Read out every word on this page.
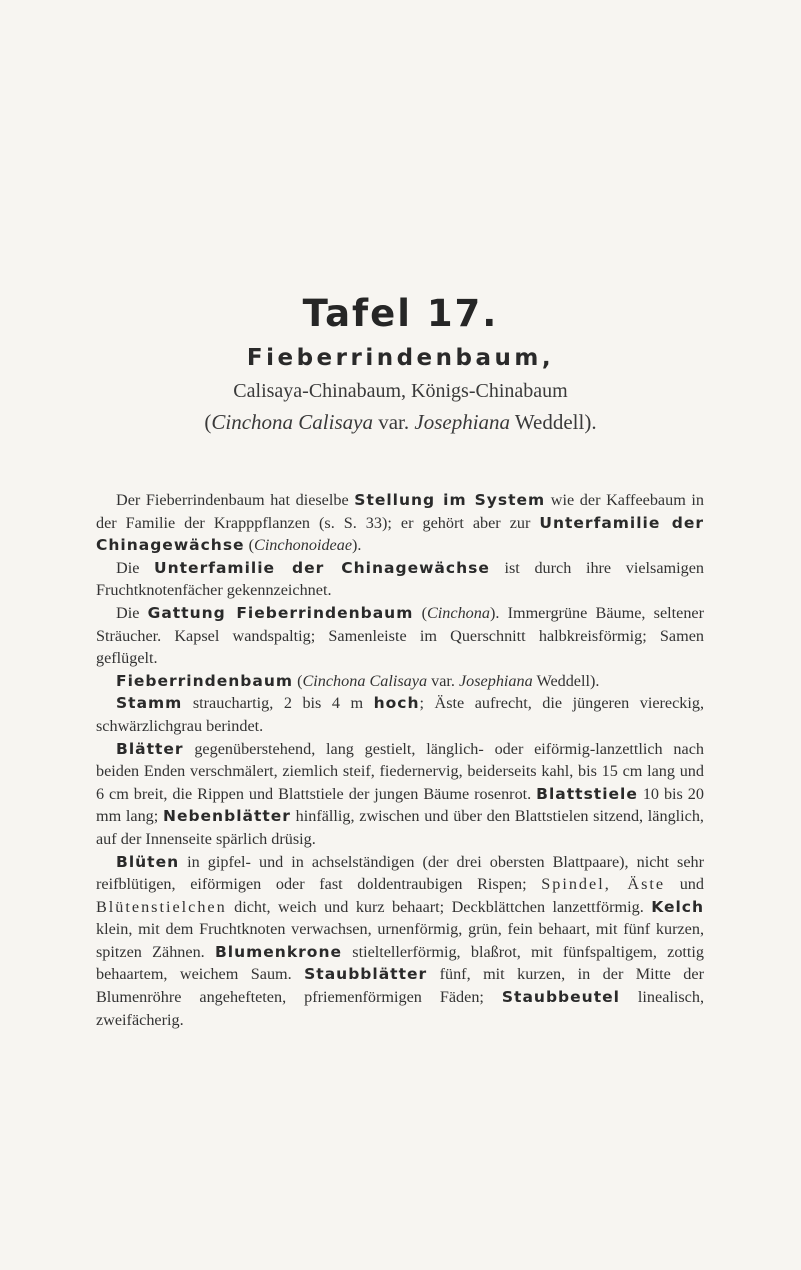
Tafel 17.
Fieberrindenbaum,
Calisaya-Chinabaum, Königs-Chinabaum
(Cinchona Calisaya var. Josephiana Weddell).

Der Fieberrindenbaum hat dieselbe Stellung im System wie der Kaffeebaum in der Familie der Krapppflanzen (s. S. 33); er gehört aber zur Unterfamilie der Chinagewächse (Cinchonoideae).

Die Unterfamilie der Chinagewächse ist durch ihre vielsamigen Fruchtknotenfächer gekennzeichnet.

Die Gattung Fieberrindenbaum (Cinchona). Immergrüne Bäume, seltener Sträucher. Kapsel wandspaltig; Samenleiste im Querschnitt halbkreisförmig; Samen geflügelt.

Fieberrindenbaum (Cinchona Calisaya var. Josephiana Weddell).

Stamm strauchartig, 2 bis 4 m hoch; Äste aufrecht, die jüngeren viereckig, schwärzlichgrau berindet.

Blätter gegenüberstehend, lang gestielt, länglich- oder eiförmig-lanzettlich nach beiden Enden verschmälert, ziemlich steif, fiedernervig, beiderseits kahl, bis 15 cm lang und 6 cm breit, die Rippen und Blattstiele der jungen Bäume rosenrot. Blattstiele 10 bis 20 mm lang; Nebenblätter hinfällig, zwischen und über den Blattstielen sitzend, länglich, auf der Innenseite spärlich drüsig.

Blüten in gipfel- und in achselständigen (der drei obersten Blattpaare), nicht sehr reifblütigen, eiförmigen oder fast doldentraubigen Rispen; Spindel, Äste und Blütenstielchen dicht, weich und kurz behaart; Deckblättchen lanzettförmig. Kelch klein, mit dem Fruchtknoten verwachsen, urnenförmig, grün, fein behaart, mit fünf kurzen, spitzen Zähnen. Blumenkrone stieltellerförmig, blaßrot, mit fünfspaltigem, zottig behaartem, weichem Saum. Staubblätter fünf, mit kurzen, in der Mitte der Blumenröhre angehefteten, pfriemenförmigen Fäden; Staubbeutel linealisch, zweifächerig.
